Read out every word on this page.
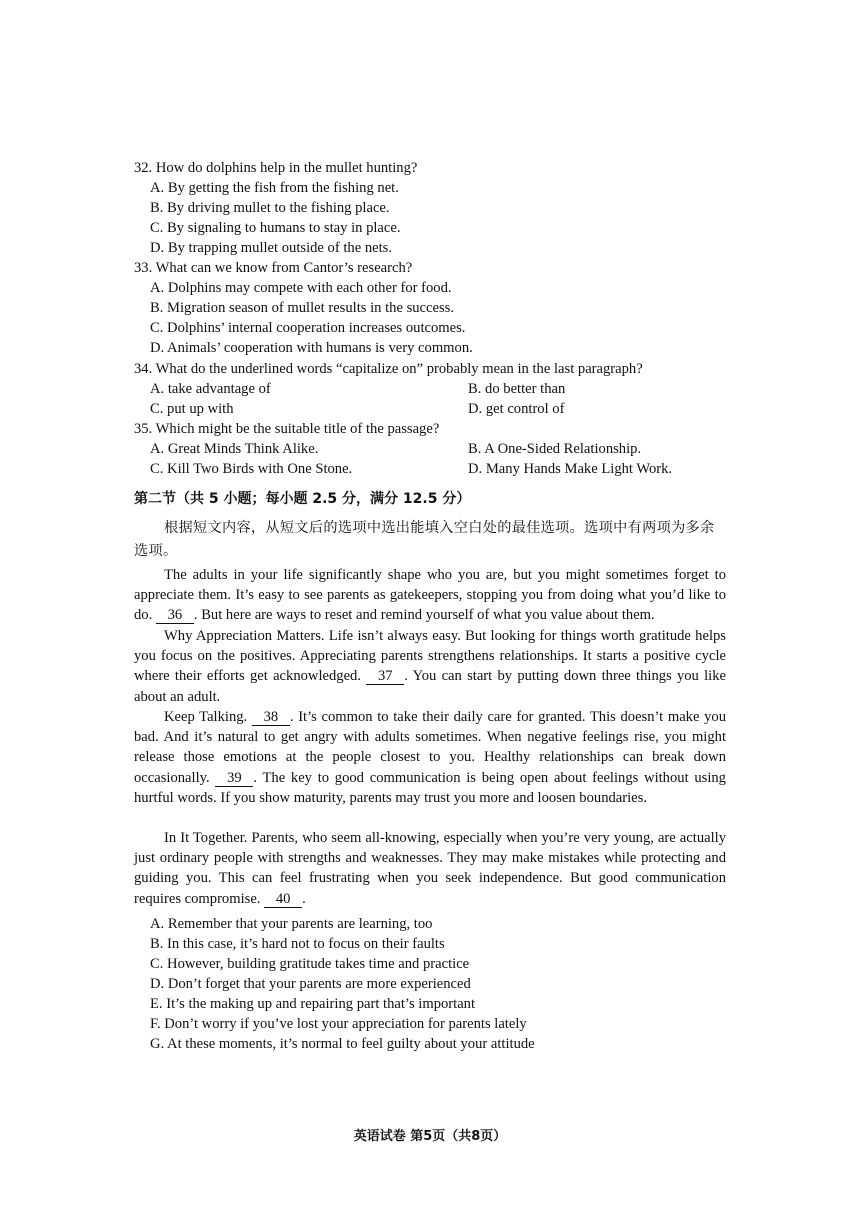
32. How do dolphins help in the mullet hunting?
A. By getting the fish from the fishing net.
B. By driving mullet to the fishing place.
C. By signaling to humans to stay in place.
D. By trapping mullet outside of the nets.
33. What can we know from Cantor’s research?
A. Dolphins may compete with each other for food.
B. Migration season of mullet results in the success.
C. Dolphins’ internal cooperation increases outcomes.
D. Animals’ cooperation with humans is very common.
34. What do the underlined words “capitalize on” probably mean in the last paragraph?
A. take advantage of	B. do better than
C. put up with	D. get control of
35. Which might be the suitable title of the passage?
A. Great Minds Think Alike.	B. A One-Sided Relationship.
C. Kill Two Birds with One Stone.	D. Many Hands Make Light Work.
第二节（共 5 小题；每小题 2.5 分，满分 12.5 分）
根据短文内容，从短文后的选项中选出能填入空白处的最佳选项。选项中有两项为多余选项。
The adults in your life significantly shape who you are, but you might sometimes forget to appreciate them. It’s easy to see parents as gatekeepers, stopping you from doing what you’d like to do. 36 . But here are ways to reset and remind yourself of what you value about them.
Why Appreciation Matters. Life isn’t always easy. But looking for things worth gratitude helps you focus on the positives. Appreciating parents strengthens relationships. It starts a positive cycle where their efforts get acknowledged. 37 . You can start by putting down three things you like about an adult.
Keep Talking. 38 . It’s common to take their daily care for granted. This doesn’t make you bad. And it’s natural to get angry with adults sometimes. When negative feelings rise, you might release those emotions at the people closest to you. Healthy relationships can break down occasionally. 39 . The key to good communication is being open about feelings without using hurtful words. If you show maturity, parents may trust you more and loosen boundaries.
In It Together. Parents, who seem all-knowing, especially when you’re very young, are actually just ordinary people with strengths and weaknesses. They may make mistakes while protecting and guiding you. This can feel frustrating when you seek independence. But good communication requires compromise. 40 .
A. Remember that your parents are learning, too
B. In this case, it’s hard not to focus on their faults
C. However, building gratitude takes time and practice
D. Don’t forget that your parents are more experienced
E. It’s the making up and repairing part that’s important
F. Don’t worry if you’ve lost your appreciation for parents lately
G. At these moments, it’s normal to feel guilty about your attitude
英语试卷 第5页（共8页）
